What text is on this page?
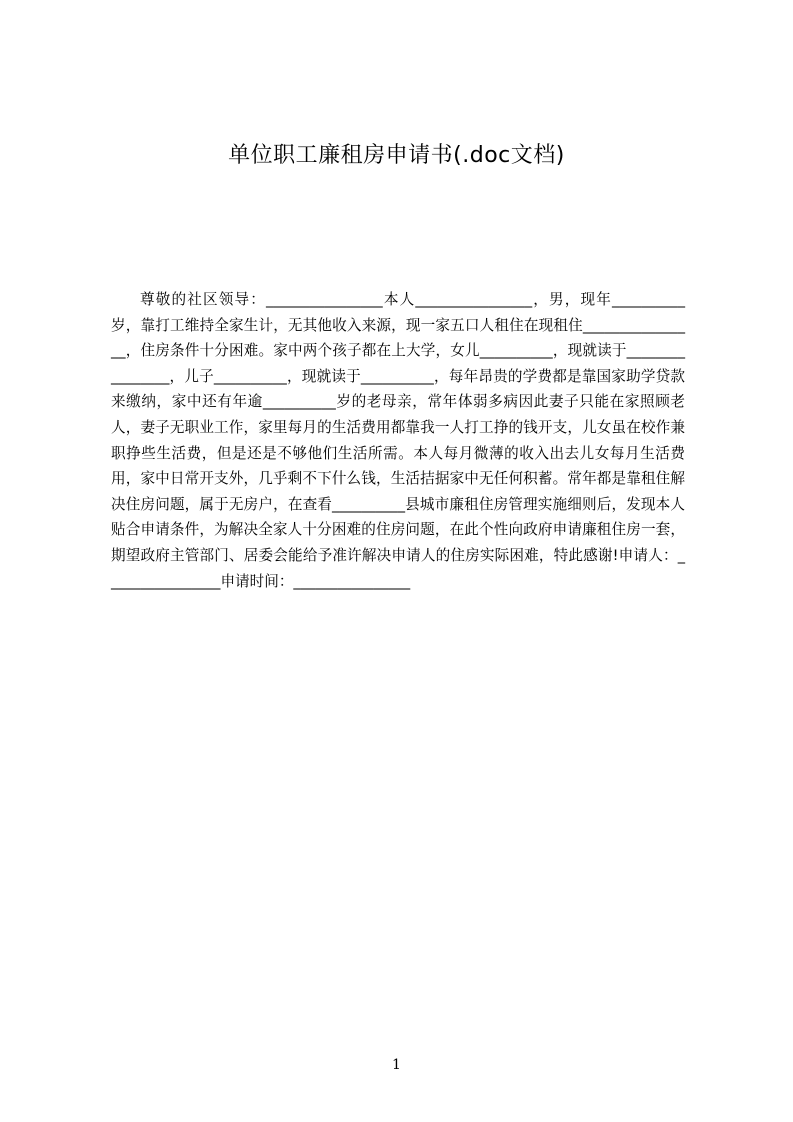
单位职工廉租房申请书(.doc文档)
尊敬的社区领导：________________本人________________，男，现年__________岁，靠打工维持全家生计，无其他收入来源，现一家五口人租住在现租住________________，住房条件十分困难。家中两个孩子都在上大学，女儿__________，现就读于________________，儿子__________，现就读于__________，每年昂贵的学费都是靠国家助学贷款来缴纳，家中还有年逾__________岁的老母亲，常年体弱多病因此妻子只能在家照顾老人，妻子无职业工作，家里每月的生活费用都靠我一人打工挣的钱开支，儿女虽在校作兼职挣些生活费，但是还是不够他们生活所需。本人每月微薄的收入出去儿女每月生活费用，家中日常开支外，几乎剩不下什么钱，生活拮据家中无任何积蓄。常年都是靠租住解决住房问题，属于无房户，在查看__________县城市廉租住房管理实施细则后，发现本人贴合申请条件，为解决全家人十分困难的住房问题，在此个性向政府申请廉租住房一套，期望政府主管部门、居委会能给予准许解决申请人的住房实际困难，特此感谢!申请人：________________申请时间：________________
1
